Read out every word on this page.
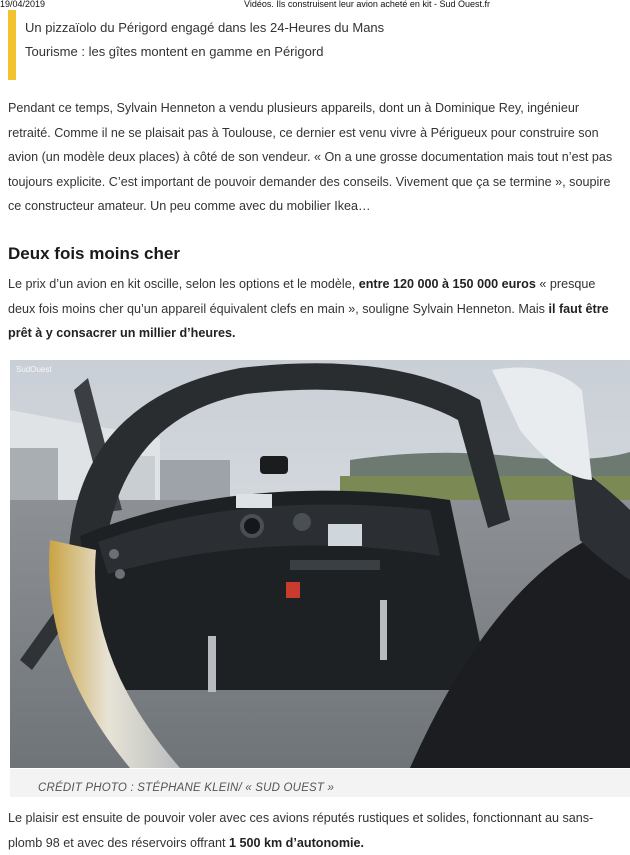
19/04/2019	Vidéos. Ils construisent leur avion acheté en kit - Sud Ouest.fr
Un pizzaïolo du Périgord engagé dans les 24-Heures du Mans
Tourisme : les gîtes montent en gamme en Périgord

Pendant ce temps, Sylvain Henneton a vendu plusieurs appareils, dont un à Dominique Rey, ingénieur retraité. Comme il ne se plaisait pas à Toulouse, ce dernier est venu vivre à Périgueux pour construire son avion (un modèle deux places) à côté de son vendeur. « On a une grosse documentation mais tout n’est pas toujours explicite. C’est important de pouvoir demander des conseils. Vivement que ça se termine », soupire ce constructeur amateur. Un peu comme avec du mobilier Ikea…

Deux fois moins cher

Le prix d’un avion en kit oscille, selon les options et le modèle, entre 120 000 à 150 000 euros « presque deux fois moins cher qu’un appareil équivalent clefs en main », souligne Sylvain Henneton. Mais il faut être prêt à y consacrer un millier d’heures.

SudOuest
CRÉDIT PHOTO : STÉPHANE KLEIN/ « SUD OUEST »

Le plaisir est ensuite de pouvoir voler avec ces avions réputés rustiques et solides, fonctionnant au sans-plomb 98 et avec des réservoirs offrant 1 500 km d’autonomie.
